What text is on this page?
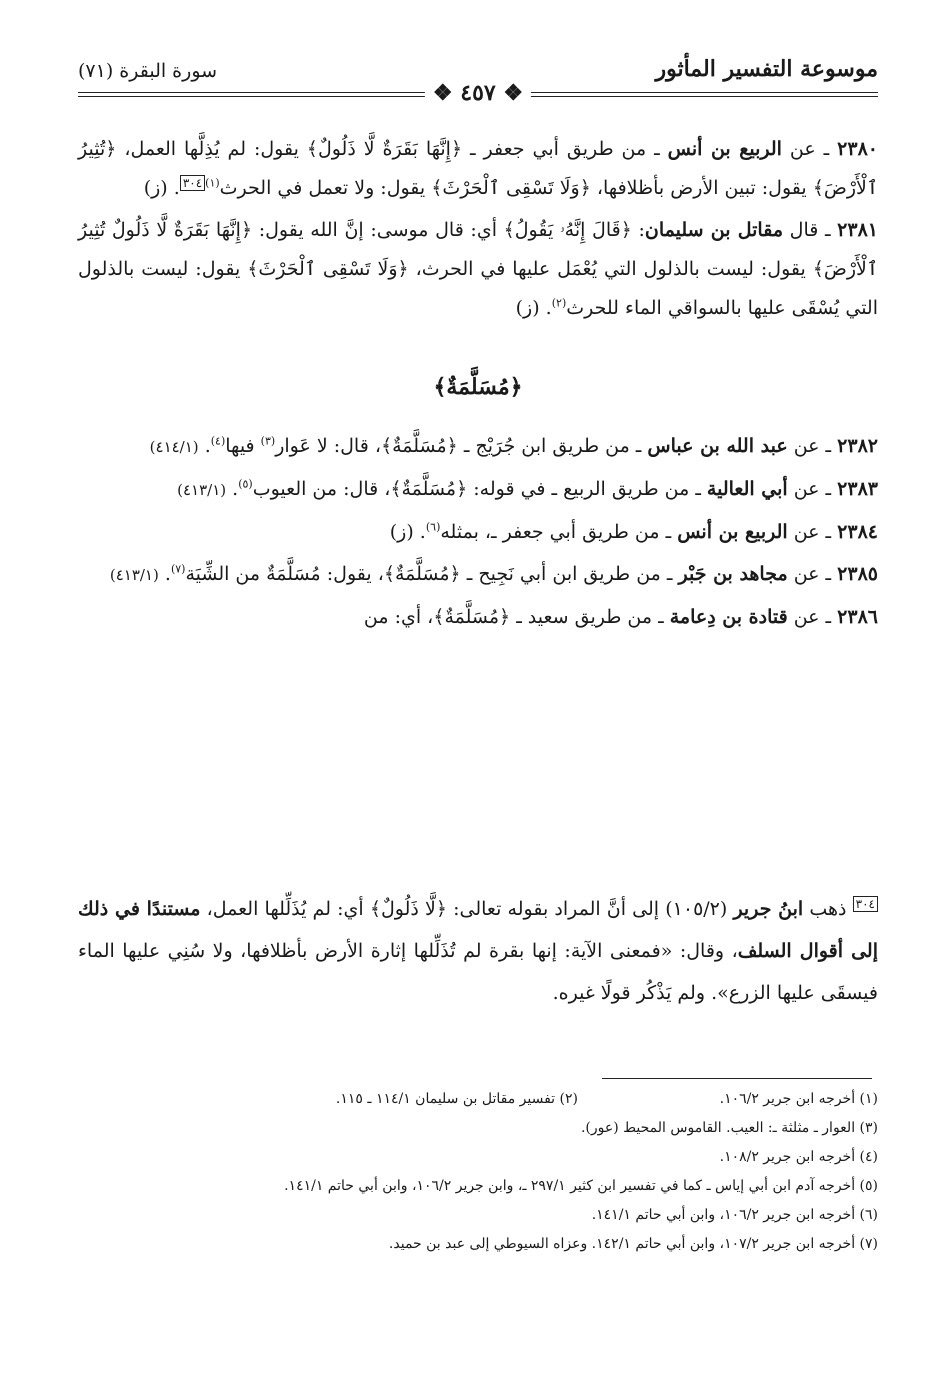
موسوعة التفسير المأثور
سورة البقرة (٧١)
❖ ٤٥٧ ❖

٢٣٨٠ ـ عن الربيع بن أنس ـ من طريق أبي جعفر ـ ﴿إِنَّهَا بَقَرَةٌ لَّا ذَلُولٌ﴾ يقول: لم يُذِلَّها العمل، ﴿تُثِيرُ ٱلْأَرْضَ﴾ يقول: تبين الأرض بأظلافها، ﴿وَلَا تَسْقِى ٱلْحَرْثَ﴾ يقول: ولا تعمل في الحرث$^{(١)}$٣٠٤. (ز)

٢٣٨١ ـ قال مقاتل بن سليمان: ﴿قَالَ إِنَّهُۥ يَقُولُ﴾ أي: قال موسى: إنَّ الله يقول: ﴿إِنَّهَا بَقَرَةٌ لَّا ذَلُولٌ تُثِيرُ ٱلْأَرْضَ﴾ يقول: ليست بالذلول التي يُعْمَل عليها في الحرث، ﴿وَلَا تَسْقِى ٱلْحَرْثَ﴾ يقول: ليست بالذلول التي يُسْقَى عليها بالسواقي الماء للحرث$^{(٢)}$. (ز)

﴿مُسَلَّمَةٌ﴾

٢٣٨٢ ـ عن عبد الله بن عباس ـ من طريق ابن جُرَيْج ـ ﴿مُسَلَّمَةٌ﴾، قال: لا عَوار$^{(٣)}$ فيها$^{(٤)}$. (٤١٤/١)

٢٣٨٣ ـ عن أبي العالية ـ من طريق الربيع ـ في قوله: ﴿مُسَلَّمَةٌ﴾، قال: من العيوب$^{(٥)}$. (٤١٣/١)

٢٣٨٤ ـ عن الربيع بن أنس ـ من طريق أبي جعفر ـ، بمثله$^{(٦)}$. (ز)

٢٣٨٥ ـ عن مجاهد بن جَبْر ـ من طريق ابن أبي نَجِيح ـ ﴿مُسَلَّمَةٌ﴾، يقول: مُسَلَّمَةٌ من الشِّيَة$^{(٧)}$. (٤١٣/١)

٢٣٨٦ ـ عن قتادة بن دِعامة ـ من طريق سعيد ـ ﴿مُسَلَّمَةٌ﴾، أي: من

٣٠٤ ذهب ابنُ جرير (١٠٥/٢) إلى أنَّ المراد بقوله تعالى: ﴿لَّا ذَلُولٌ﴾ أي: لم يُذَلِّلها العمل، مستندًا في ذلك إلى أقوال السلف، وقال: «فمعنى الآية: إنها بقرة لم تُذَلِّلها إثارة الأرض بأظلافها، ولا سُنِي عليها الماء فيسقَى عليها الزرع». ولم يَذْكُر قولًا غيره.
(١) أخرجه ابن جرير ١٠٦/٢.
(٢) تفسير مقاتل بن سليمان ١١٤/١ ـ ١١٥.

(٣) العوار ـ مثلثة ـ: العيب. القاموس المحيط (عور).

(٤) أخرجه ابن جرير ١٠٨/٢.

(٥) أخرجه آدم ابن أبي إياس ـ كما في تفسير ابن كثير ٢٩٧/١ ـ، وابن جرير ١٠٦/٢، وابن أبي حاتم ١٤١/١.

(٦) أخرجه ابن جرير ١٠٦/٢، وابن أبي حاتم ١٤١/١.

(٧) أخرجه ابن جرير ١٠٧/٢، وابن أبي حاتم ١٤٢/١. وعزاه السيوطي إلى عبد بن حميد.
